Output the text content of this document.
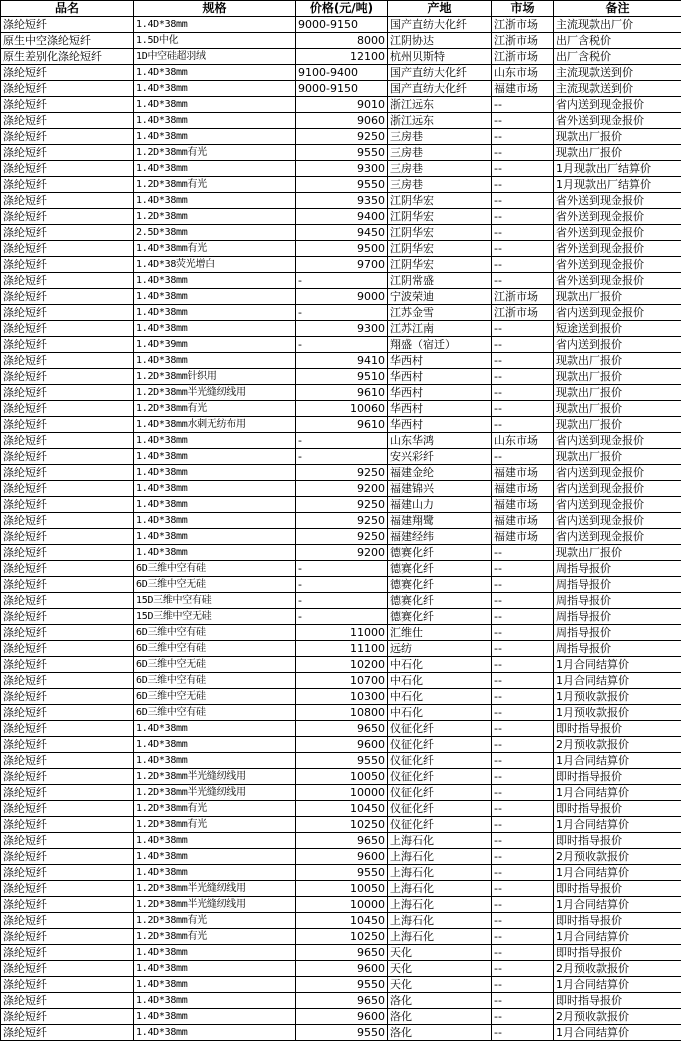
品名	规格	价格(元/吨)	产地	市场	备注
涤纶短纤	1.4D*38mm	9000-9150	国产直纺大化纤	江浙市场	主流现款出厂价
原生中空涤纶短纤	1.5D中化	8000	江阴协达	江浙市场	出厂含税价
原生差别化涤纶短纤	1D中空硅超羽绒	12100	杭州贝斯特	江浙市场	出厂含税价
涤纶短纤	1.4D*38mm	9100-9400	国产直纺大化纤	山东市场	主流现款送到价
涤纶短纤	1.4D*38mm	9000-9150	国产直纺大化纤	福建市场	主流现款送到价
涤纶短纤	1.4D*38mm	9010	浙江远东	--	省内送到现金报价
涤纶短纤	1.4D*38mm	9060	浙江远东	--	省外送到现金报价
涤纶短纤	1.4D*38mm	9250	三房巷	--	现款出厂报价
涤纶短纤	1.2D*38mm有光	9550	三房巷	--	现款出厂报价
涤纶短纤	1.4D*38mm	9300	三房巷	--	1月现款出厂结算价
涤纶短纤	1.2D*38mm有光	9550	三房巷	--	1月现款出厂结算价
涤纶短纤	1.4D*38mm	9350	江阴华宏	--	省外送到现金报价
涤纶短纤	1.2D*38mm	9400	江阴华宏	--	省外送到现金报价
涤纶短纤	2.5D*38mm	9450	江阴华宏	--	省外送到现金报价
涤纶短纤	1.4D*38mm有光	9500	江阴华宏	--	省外送到现金报价
涤纶短纤	1.4D*38荧光增白	9700	江阴华宏	--	省外送到现金报价
涤纶短纤	1.4D*38mm	-	江阴常盛	--	省外送到现金报价
涤纶短纤	1.4D*38mm	9000	宁波荣迪	江浙市场	现款出厂报价
涤纶短纤	1.4D*38mm	-	江苏金雪	江浙市场	省内送到现金报价
涤纶短纤	1.4D*38mm	9300	江苏江南	--	短途送到报价
涤纶短纤	1.4D*39mm	-	翔盛（宿迁）	--	省内送到报价
涤纶短纤	1.4D*38mm	9410	华西村	--	现款出厂报价
涤纶短纤	1.2D*38mm针织用	9510	华西村	--	现款出厂报价
涤纶短纤	1.2D*38mm半光缝纫线用	9610	华西村	--	现款出厂报价
涤纶短纤	1.2D*38mm有光	10060	华西村	--	现款出厂报价
涤纶短纤	1.4D*38mm水刺无纺布用	9610	华西村	--	现款出厂报价
涤纶短纤	1.4D*38mm	-	山东华鸿	山东市场	省内送到现金报价
涤纶短纤	1.4D*38mm	-	安兴彩纤	--	现款出厂报价
涤纶短纤	1.4D*38mm	9250	福建金纶	福建市场	省内送到现金报价
涤纶短纤	1.4D*38mm	9200	福建锦兴	福建市场	省内送到现金报价
涤纶短纤	1.4D*38mm	9250	福建山力	福建市场	省内送到现金报价
涤纶短纤	1.4D*38mm	9250	福建翔鹭	福建市场	省内送到现金报价
涤纶短纤	1.4D*38mm	9250	福建经纬	福建市场	省内送到现金报价
涤纶短纤	1.4D*38mm	9200	德赛化纤	--	现款出厂报价
涤纶短纤	6D三维中空有硅	-	德赛化纤	--	周指导报价
涤纶短纤	6D三维中空无硅	-	德赛化纤	--	周指导报价
涤纶短纤	15D三维中空有硅	-	德赛化纤	--	周指导报价
涤纶短纤	15D三维中空无硅	-	德赛化纤	--	周指导报价
涤纶短纤	6D三维中空有硅	11000	汇维仕	--	周指导报价
涤纶短纤	6D三维中空有硅	11100	远纺	--	周指导报价
涤纶短纤	6D三维中空无硅	10200	中石化	--	1月合同结算价
涤纶短纤	6D三维中空有硅	10700	中石化	--	1月合同结算价
涤纶短纤	6D三维中空无硅	10300	中石化	--	1月预收款报价
涤纶短纤	6D三维中空有硅	10800	中石化	--	1月预收款报价
涤纶短纤	1.4D*38mm	9650	仪征化纤	--	即时指导报价
涤纶短纤	1.4D*38mm	9600	仪征化纤	--	2月预收款报价
涤纶短纤	1.4D*38mm	9550	仪征化纤	--	1月合同结算价
涤纶短纤	1.2D*38mm半光缝纫线用	10050	仪征化纤	--	即时指导报价
涤纶短纤	1.2D*38mm半光缝纫线用	10000	仪征化纤	--	1月合同结算价
涤纶短纤	1.2D*38mm有光	10450	仪征化纤	--	即时指导报价
涤纶短纤	1.2D*38mm有光	10250	仪征化纤	--	1月合同结算价
涤纶短纤	1.4D*38mm	9650	上海石化	--	即时指导报价
涤纶短纤	1.4D*38mm	9600	上海石化	--	2月预收款报价
涤纶短纤	1.4D*38mm	9550	上海石化	--	1月合同结算价
涤纶短纤	1.2D*38mm半光缝纫线用	10050	上海石化	--	即时指导报价
涤纶短纤	1.2D*38mm半光缝纫线用	10000	上海石化	--	1月合同结算价
涤纶短纤	1.2D*38mm有光	10450	上海石化	--	即时指导报价
涤纶短纤	1.2D*38mm有光	10250	上海石化	--	1月合同结算价
涤纶短纤	1.4D*38mm	9650	天化	--	即时指导报价
涤纶短纤	1.4D*38mm	9600	天化	--	2月预收款报价
涤纶短纤	1.4D*38mm	9550	天化	--	1月合同结算价
涤纶短纤	1.4D*38mm	9650	洛化	--	即时指导报价
涤纶短纤	1.4D*38mm	9600	洛化	--	2月预收款报价
涤纶短纤	1.4D*38mm	9550	洛化	--	1月合同结算价
